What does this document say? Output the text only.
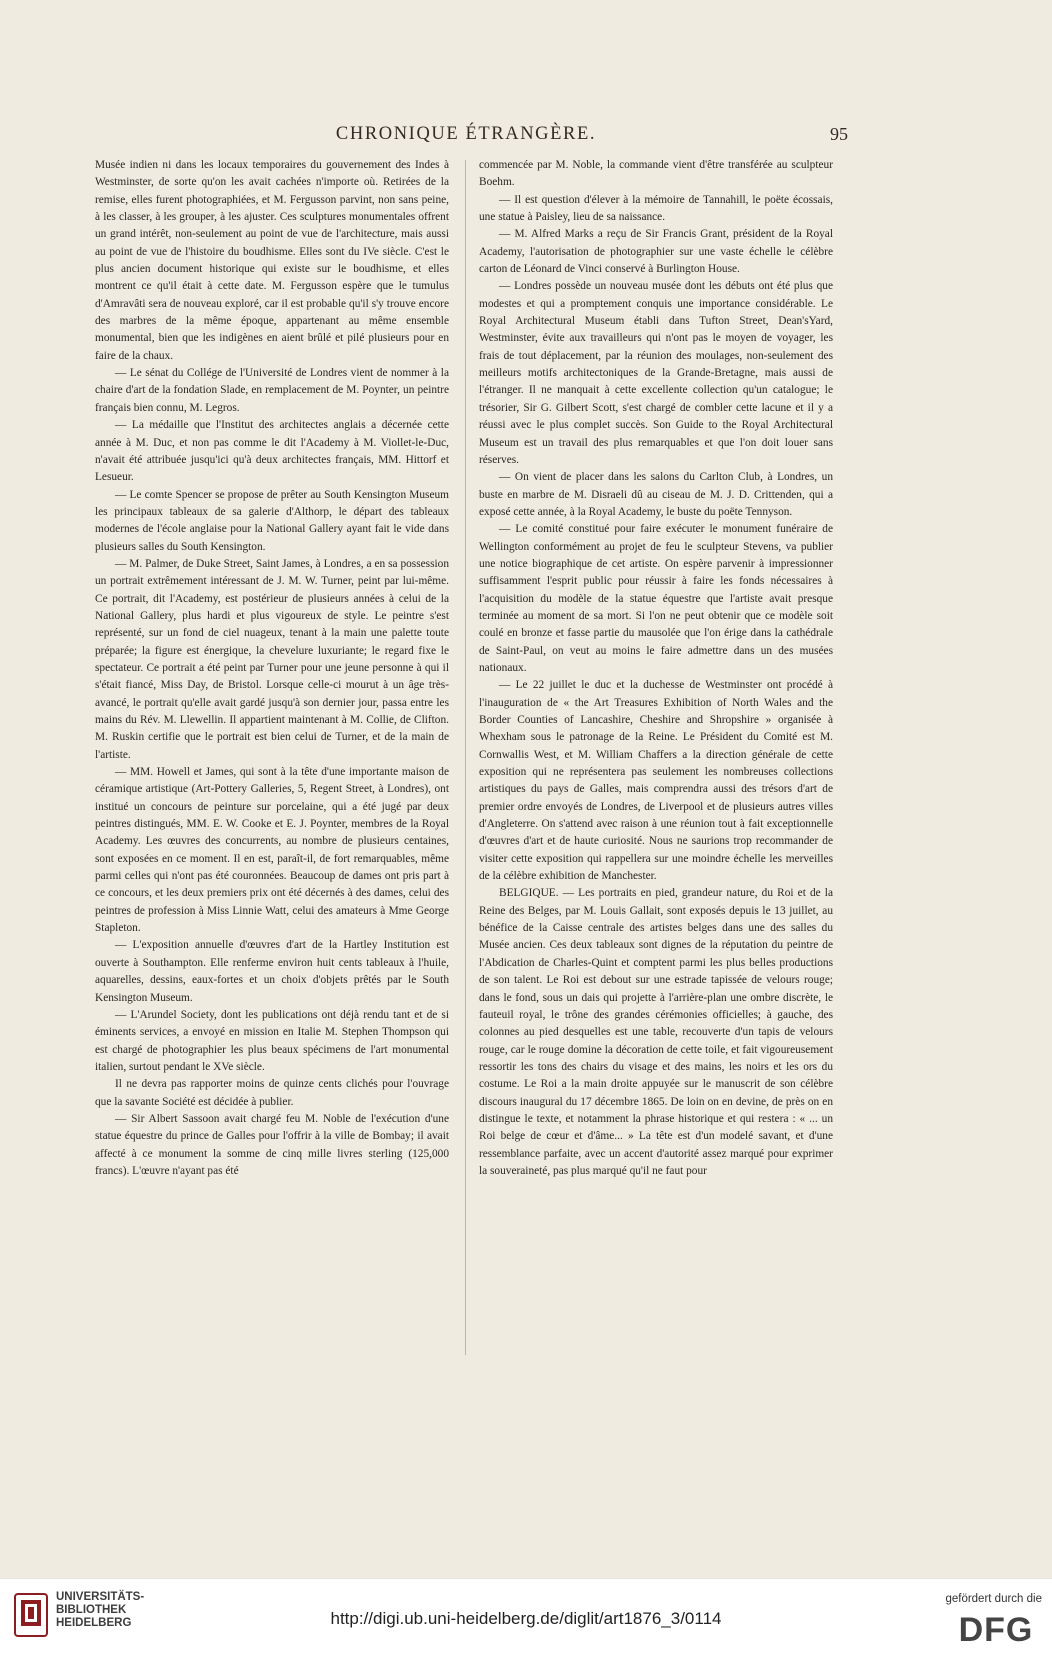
CHRONIQUE ÉTRANGÈRE.	95

Musée indien ni dans les locaux temporaires du gouvernement des Indes à Westminster, de sorte qu'on les avait cachées n'importe où. Retirées de la remise, elles furent photographiées, et M. Fergusson parvint, non sans peine, à les classer, à les grouper, à les ajuster. Ces sculptures monumentales offrent un grand intérêt, non-seulement au point de vue de l'architecture, mais aussi au point de vue de l'histoire du boudhisme. Elles sont du IVe siècle. C'est le plus ancien document historique qui existe sur le boudhisme, et elles montrent ce qu'il était à cette date. M. Fergusson espère que le tumulus d'Amravâti sera de nouveau exploré, car il est probable qu'il s'y trouve encore des marbres de la même époque, appartenant au même ensemble monumental, bien que les indigènes en aient brûlé et pilé plusieurs pour en faire de la chaux.

— Le sénat du Collége de l'Université de Londres vient de nommer à la chaire d'art de la fondation Slade, en remplacement de M. Poynter, un peintre français bien connu, M. Legros.

— La médaille que l'Institut des architectes anglais a décernée cette année à M. Duc, et non pas comme le dit l'Academy à M. Viollet-le-Duc, n'avait été attribuée jusqu'ici qu'à deux architectes français, MM. Hittorf et Lesueur.

— Le comte Spencer se propose de prêter au South Kensington Museum les principaux tableaux de sa galerie d'Althorp, le départ des tableaux modernes de l'école anglaise pour la National Gallery ayant fait le vide dans plusieurs salles du South Kensington.

— M. Palmer, de Duke Street, Saint James, à Londres, a en sa possession un portrait extrêmement intéressant de J. M. W. Turner, peint par lui-même. Ce portrait, dit l'Academy, est postérieur de plusieurs années à celui de la National Gallery, plus hardi et plus vigoureux de style. Le peintre s'est représenté, sur un fond de ciel nuageux, tenant à la main une palette toute préparée; la figure est énergique, la chevelure luxuriante; le regard fixe le spectateur. Ce portrait a été peint par Turner pour une jeune personne à qui il s'était fiancé, Miss Day, de Bristol. Lorsque celle-ci mourut à un âge très-avancé, le portrait qu'elle avait gardé jusqu'à son dernier jour, passa entre les mains du Rév. M. Llewellin. Il appartient maintenant à M. Collie, de Clifton. M. Ruskin certifie que le portrait est bien celui de Turner, et de la main de l'artiste.

— MM. Howell et James, qui sont à la tête d'une importante maison de céramique artistique (Art-Pottery Galleries, 5, Regent Street, à Londres), ont institué un concours de peinture sur porcelaine, qui a été jugé par deux peintres distingués, MM. E. W. Cooke et E. J. Poynter, membres de la Royal Academy. Les œuvres des concurrents, au nombre de plusieurs centaines, sont exposées en ce moment. Il en est, paraît-il, de fort remarquables, même parmi celles qui n'ont pas été couronnées. Beaucoup de dames ont pris part à ce concours, et les deux premiers prix ont été décernés à des dames, celui des peintres de profession à Miss Linnie Watt, celui des amateurs à Mme George Stapleton.

— L'exposition annuelle d'œuvres d'art de la Hartley Institution est ouverte à Southampton. Elle renferme environ huit cents tableaux à l'huile, aquarelles, dessins, eaux-fortes et un choix d'objets prêtés par le South Kensington Museum.

— L'Arundel Society, dont les publications ont déjà rendu tant et de si éminents services, a envoyé en mission en Italie M. Stephen Thompson qui est chargé de photographier les plus beaux spécimens de l'art monumental italien, surtout pendant le XVe siècle.

Il ne devra pas rapporter moins de quinze cents clichés pour l'ouvrage que la savante Société est décidée à publier.

— Sir Albert Sassoon avait chargé feu M. Noble de l'exécution d'une statue équestre du prince de Galles pour l'offrir à la ville de Bombay; il avait affecté à ce monument la somme de cinq mille livres sterling (125,000 francs). L'œuvre n'ayant pas été

commencée par M. Noble, la commande vient d'être transférée au sculpteur Boehm.

— Il est question d'élever à la mémoire de Tannahill, le poëte écossais, une statue à Paisley, lieu de sa naissance.

— M. Alfred Marks a reçu de Sir Francis Grant, président de la Royal Academy, l'autorisation de photographier sur une vaste échelle le célèbre carton de Léonard de Vinci conservé à Burlington House.

— Londres possède un nouveau musée dont les débuts ont été plus que modestes et qui a promptement conquis une importance considérable. Le Royal Architectural Museum établi dans Tufton Street, Dean'sYard, Westminster, évite aux travailleurs qui n'ont pas le moyen de voyager, les frais de tout déplacement, par la réunion des moulages, non-seulement des meilleurs motifs architectoniques de la Grande-Bretagne, mais aussi de l'étranger. Il ne manquait à cette excellente collection qu'un catalogue; le trésorier, Sir G. Gilbert Scott, s'est chargé de combler cette lacune et il y a réussi avec le plus complet succès. Son Guide to the Royal Architectural Museum est un travail des plus remarquables et que l'on doit louer sans réserves.

— On vient de placer dans les salons du Carlton Club, à Londres, un buste en marbre de M. Disraeli dû au ciseau de M. J. D. Crittenden, qui a exposé cette année, à la Royal Academy, le buste du poëte Tennyson.

— Le comité constitué pour faire exécuter le monument funéraire de Wellington conformément au projet de feu le sculpteur Stevens, va publier une notice biographique de cet artiste. On espère parvenir à impressionner suffisamment l'esprit public pour réussir à faire les fonds nécessaires à l'acquisition du modèle de la statue équestre que l'artiste avait presque terminée au moment de sa mort. Si l'on ne peut obtenir que ce modèle soit coulé en bronze et fasse partie du mausolée que l'on érige dans la cathédrale de Saint-Paul, on veut au moins le faire admettre dans un des musées nationaux.

— Le 22 juillet le duc et la duchesse de Westminster ont procédé à l'inauguration de « the Art Treasures Exhibition of North Wales and the Border Counties of Lancashire, Cheshire and Shropshire » organisée à Whexham sous le patronage de la Reine. Le Président du Comité est M. Cornwallis West, et M. William Chaffers a la direction générale de cette exposition qui ne représentera pas seulement les nombreuses collections artistiques du pays de Galles, mais comprendra aussi des trésors d'art de premier ordre envoyés de Londres, de Liverpool et de plusieurs autres villes d'Angleterre. On s'attend avec raison à une réunion tout à fait exceptionnelle d'œuvres d'art et de haute curiosité. Nous ne saurions trop recommander de visiter cette exposition qui rappellera sur une moindre échelle les merveilles de la célèbre exhibition de Manchester.

BELGIQUE. — Les portraits en pied, grandeur nature, du Roi et de la Reine des Belges, par M. Louis Gallait, sont exposés depuis le 13 juillet, au bénéfice de la Caisse centrale des artistes belges dans une des salles du Musée ancien. Ces deux tableaux sont dignes de la réputation du peintre de l'Abdication de Charles-Quint et comptent parmi les plus belles productions de son talent. Le Roi est debout sur une estrade tapissée de velours rouge; dans le fond, sous un dais qui projette à l'arrière-plan une ombre discrète, le fauteuil royal, le trône des grandes cérémonies officielles; à gauche, des colonnes au pied desquelles est une table, recouverte d'un tapis de velours rouge, car le rouge domine la décoration de cette toile, et fait vigoureusement ressortir les tons des chairs du visage et des mains, les noirs et les ors du costume. Le Roi a la main droite appuyée sur le manuscrit de son célèbre discours inaugural du 17 décembre 1865. De loin on en devine, de près on en distingue le texte, et notamment la phrase historique et qui restera : « ... un Roi belge de cœur et d'âme... » La tête est d'un modelé savant, et d'une ressemblance parfaite, avec un accent d'autorité assez marqué pour exprimer la souveraineté, pas plus marqué qu'il ne faut pour

UNIVERSITÄTS-
BIBLIOTHEK
HEIDELBERG	http://digi.ub.uni-heidelberg.de/diglit/art1876_3/0114
gefördert durch die
DFG
